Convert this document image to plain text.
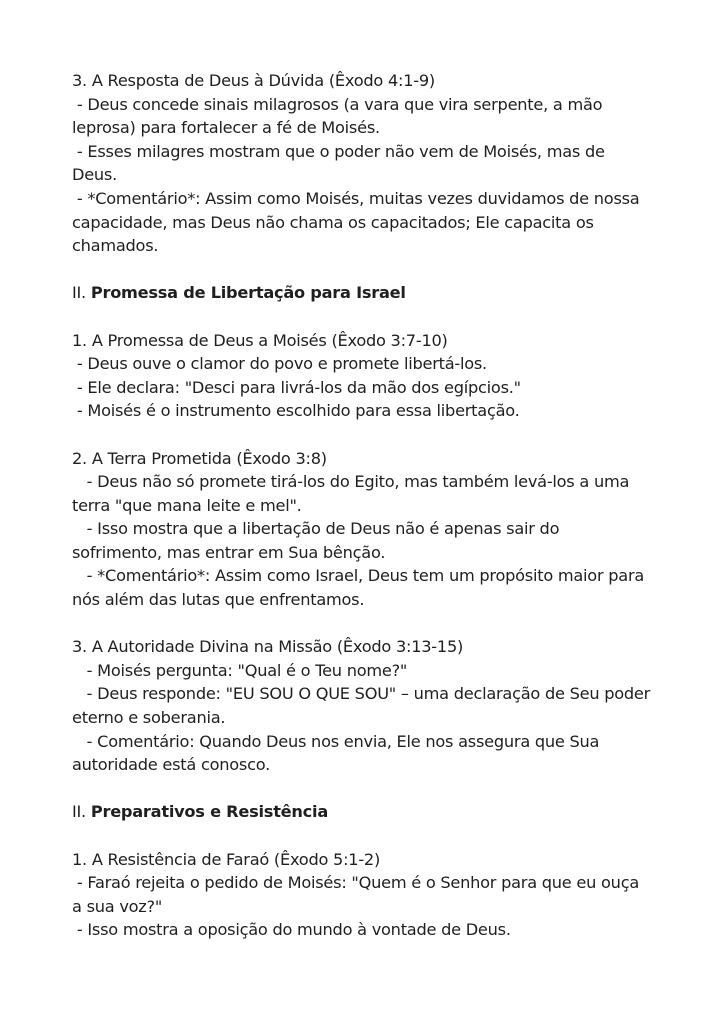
3. A Resposta de Deus à Dúvida (Êxodo 4:1-9)
- Deus concede sinais milagrosos (a vara que vira serpente, a mão
leprosa) para fortalecer a fé de Moisés.
- Esses milagres mostram que o poder não vem de Moisés, mas de
Deus.
- *Comentário*: Assim como Moisés, muitas vezes duvidamos de nossa
capacidade, mas Deus não chama os capacitados; Ele capacita os
chamados.
II. Promessa de Libertação para Israel
1. A Promessa de Deus a Moisés (Êxodo 3:7-10)
- Deus ouve o clamor do povo e promete libertá-los.
- Ele declara: "Desci para livrá-los da mão dos egípcios."
- Moisés é o instrumento escolhido para essa libertação.
2. A Terra Prometida (Êxodo 3:8)
- Deus não só promete tirá-los do Egito, mas também levá-los a uma
terra "que mana leite e mel".
- Isso mostra que a libertação de Deus não é apenas sair do
sofrimento, mas entrar em Sua bênção.
- *Comentário*: Assim como Israel, Deus tem um propósito maior para
nós além das lutas que enfrentamos.
3. A Autoridade Divina na Missão (Êxodo 3:13-15)
- Moisés pergunta: "Qual é o Teu nome?"
- Deus responde: "EU SOU O QUE SOU" – uma declaração de Seu poder
eterno e soberania.
- Comentário: Quando Deus nos envia, Ele nos assegura que Sua
autoridade está conosco.
II. Preparativos e Resistência
1. A Resistência de Faraó (Êxodo 5:1-2)
- Faraó rejeita o pedido de Moisés: "Quem é o Senhor para que eu ouça
a sua voz?"
- Isso mostra a oposição do mundo à vontade de Deus.
